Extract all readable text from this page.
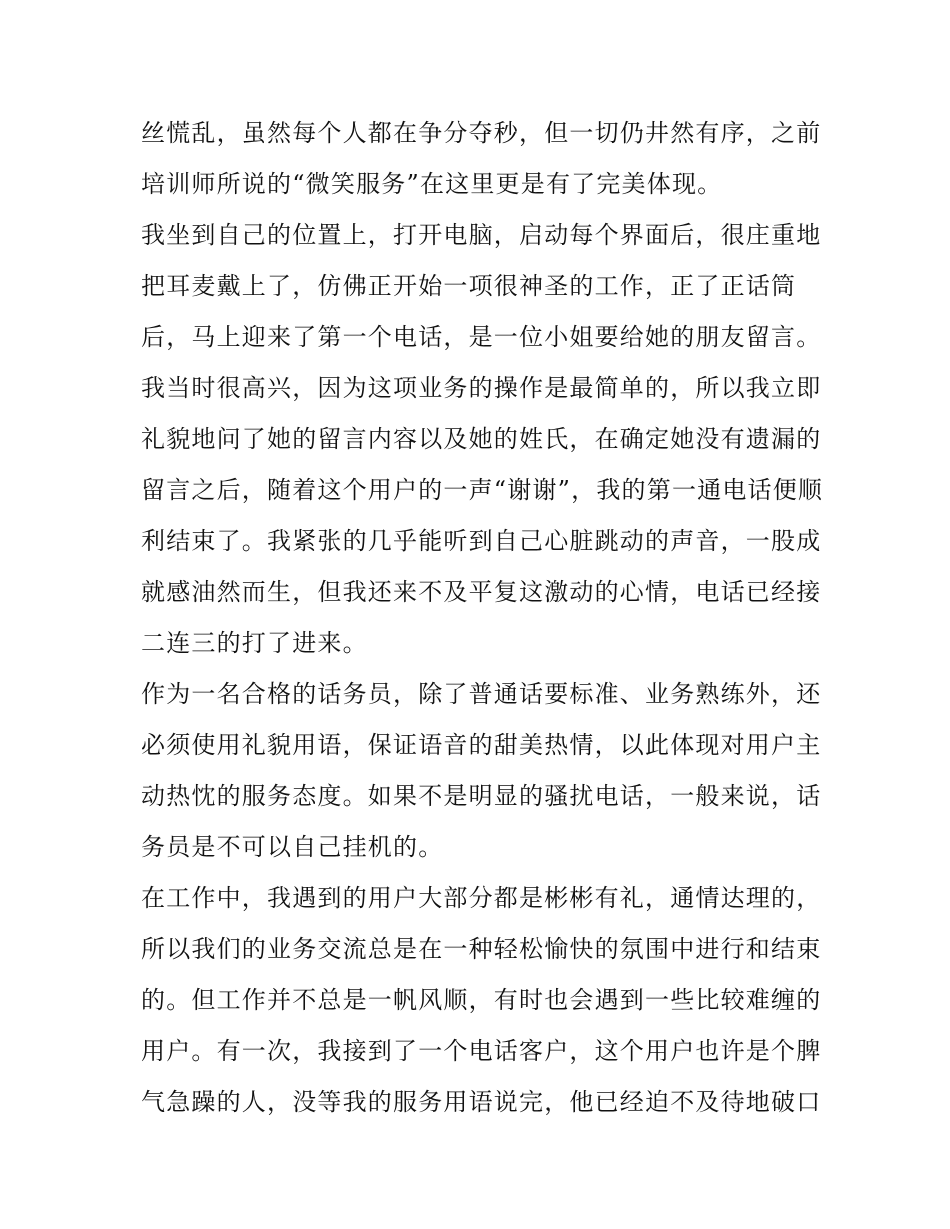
丝慌乱，虽然每个人都在争分夺秒，但一切仍井然有序，之前
培训师所说的“微笑服务”在这里更是有了完美体现。
我坐到自己的位置上，打开电脑，启动每个界面后，很庄重地
把耳麦戴上了，仿佛正开始一项很神圣的工作，正了正话筒
后，马上迎来了第一个电话，是一位小姐要给她的朋友留言。
我当时很高兴，因为这项业务的操作是最简单的，所以我立即
礼貌地问了她的留言内容以及她的姓氏，在确定她没有遗漏的
留言之后，随着这个用户的一声“谢谢”，我的第一通电话便顺
利结束了。我紧张的几乎能听到自己心脏跳动的声音，一股成
就感油然而生，但我还来不及平复这激动的心情，电话已经接
二连三的打了进来。
作为一名合格的话务员，除了普通话要标准、业务熟练外，还
必须使用礼貌用语，保证语音的甜美热情，以此体现对用户主
动热忱的服务态度。如果不是明显的骚扰电话，一般来说，话
务员是不可以自己挂机的。
在工作中，我遇到的用户大部分都是彬彬有礼，通情达理的，
所以我们的业务交流总是在一种轻松愉快的氛围中进行和结束
的。但工作并不总是一帆风顺，有时也会遇到一些比较难缠的
用户。有一次，我接到了一个电话客户，这个用户也许是个脾
气急躁的人，没等我的服务用语说完，他已经迫不及待地破口
